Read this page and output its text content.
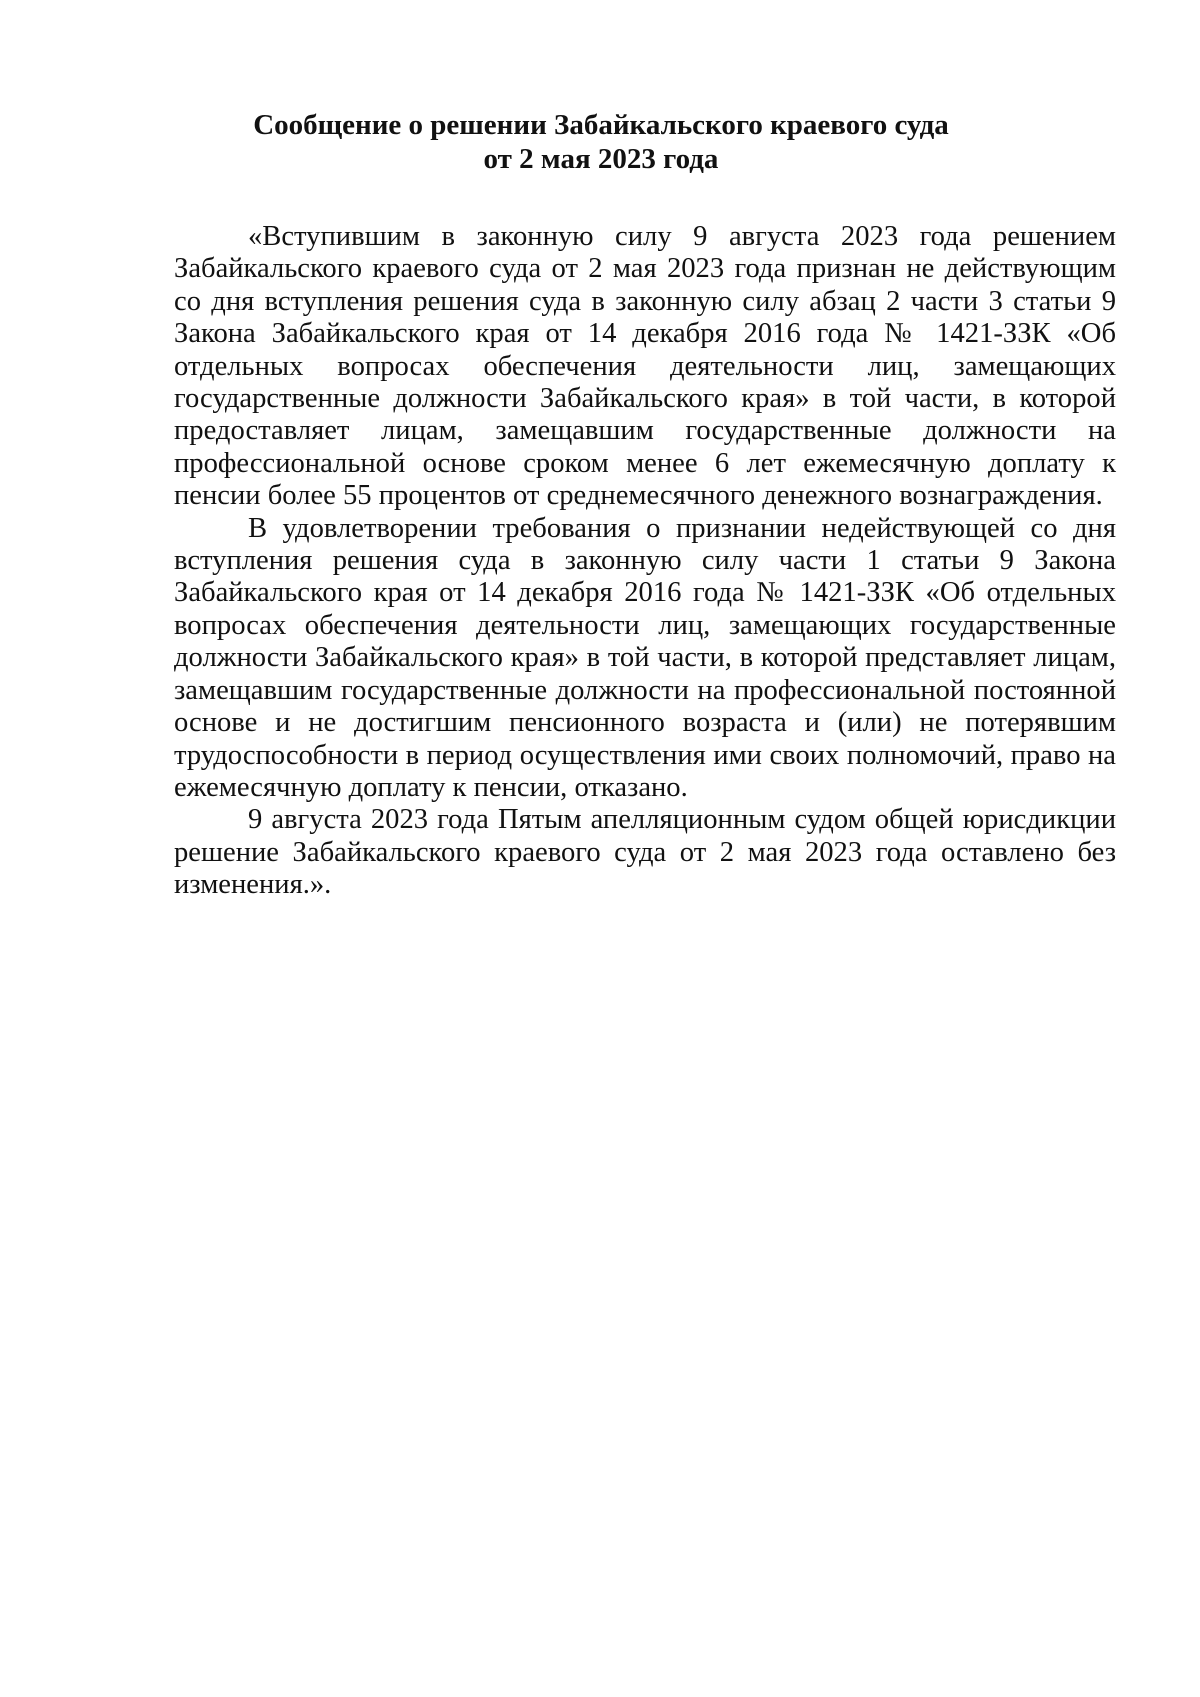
Сообщение о решении Забайкальского краевого суда
от 2 мая 2023 года

«Вступившим в законную силу 9 августа 2023 года решением Забайкальского краевого суда от 2 мая 2023 года признан не действующим со дня вступления решения суда в законную силу абзац 2 части 3 статьи 9 Закона Забайкальского края от 14 декабря 2016 года № 1421-ЗЗК «Об отдельных вопросах обеспечения деятельности лиц, замещающих государственные должности Забайкальского края» в той части, в которой предоставляет лицам, замещавшим государственные должности на профессиональной основе сроком менее 6 лет ежемесячную доплату к пенсии более 55 процентов от среднемесячного денежного вознаграждения.

В удовлетворении требования о признании недействующей со дня вступления решения суда в законную силу части 1 статьи 9 Закона Забайкальского края от 14 декабря 2016 года № 1421-ЗЗК «Об отдельных вопросах обеспечения деятельности лиц, замещающих государственные должности Забайкальского края» в той части, в которой представляет лицам, замещавшим государственные должности на профессиональной постоянной основе и не достигшим пенсионного возраста и (или) не потерявшим трудоспособности в период осуществления ими своих полномочий, право на ежемесячную доплату к пенсии, отказано.

9 августа 2023 года Пятым апелляционным судом общей юрисдикции решение Забайкальского краевого суда от 2 мая 2023 года оставлено без изменения.».
